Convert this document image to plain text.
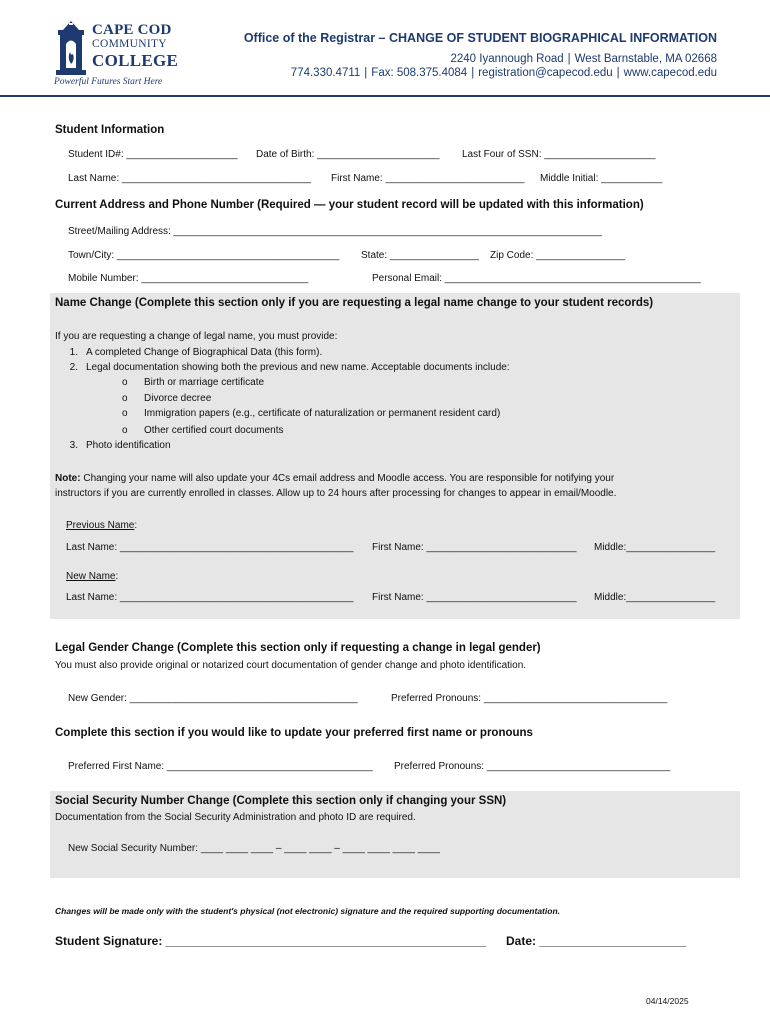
CAPE COD
COMMUNITY
COLLEGE
Powerful Futures Start Here
Office of the Registrar – CHANGE OF STUDENT BIOGRAPHICAL INFORMATION
2240 Iyannough Road | West Barnstable, MA 02668
774.330.4711 | Fax: 508.375.4084 | registration@capecod.edu | www.capecod.edu
Student Information
Student ID#: ____________________ Date of Birth: ______________________ Last Four of SSN: ____________________
Last Name: __________________________________ First Name: _________________________ Middle Initial: ___________
Current Address and Phone Number (Required — your student record will be updated with this information)
Street/Mailing Address: _____________________________________________________________________________
Town/City: ________________________________________ State: ________________ Zip Code: ________________
Mobile Number: ______________________________	Personal Email: ______________________________________________
Name Change (Complete this section only if you are requesting a legal name change to your student records)
If you are requesting a change of legal name, you must provide:
1. A completed Change of Biographical Data (this form).
2. Legal documentation showing both the previous and new name. Acceptable documents include:
o Birth or marriage certificate
o Divorce decree
o Immigration papers (e.g., certificate of naturalization or permanent resident card)
o Other certified court documents
3. Photo identification
Note: Changing your name will also update your 4Cs email address and Moodle access. You are responsible for notifying your
instructors if you are currently enrolled in classes. Allow up to 24 hours after processing for changes to appear in email/Moodle.
Previous Name:
Last Name: __________________________________________ First Name: ___________________________ Middle:________________
New Name:
Last Name: __________________________________________ First Name: ___________________________ Middle:________________
Legal Gender Change (Complete this section only if requesting a change in legal gender)
You must also provide original or notarized court documentation of gender change and photo identification.
New Gender: _________________________________________	Preferred Pronouns: _________________________________
Complete this section if you would like to update your preferred first name or pronouns
Preferred First Name: _____________________________________ Preferred Pronouns: _________________________________
Social Security Number Change (Complete this section only if changing your SSN)
Documentation from the Social Security Administration and photo ID are required.
New Social Security Number: ____ ____ ____ – ____ ____ – ____ ____ ____ ____
Changes will be made only with the student's physical (not electronic) signature and the required supporting documentation.
Student Signature: ________________________________________________ Date: ______________________
04/14/2025
